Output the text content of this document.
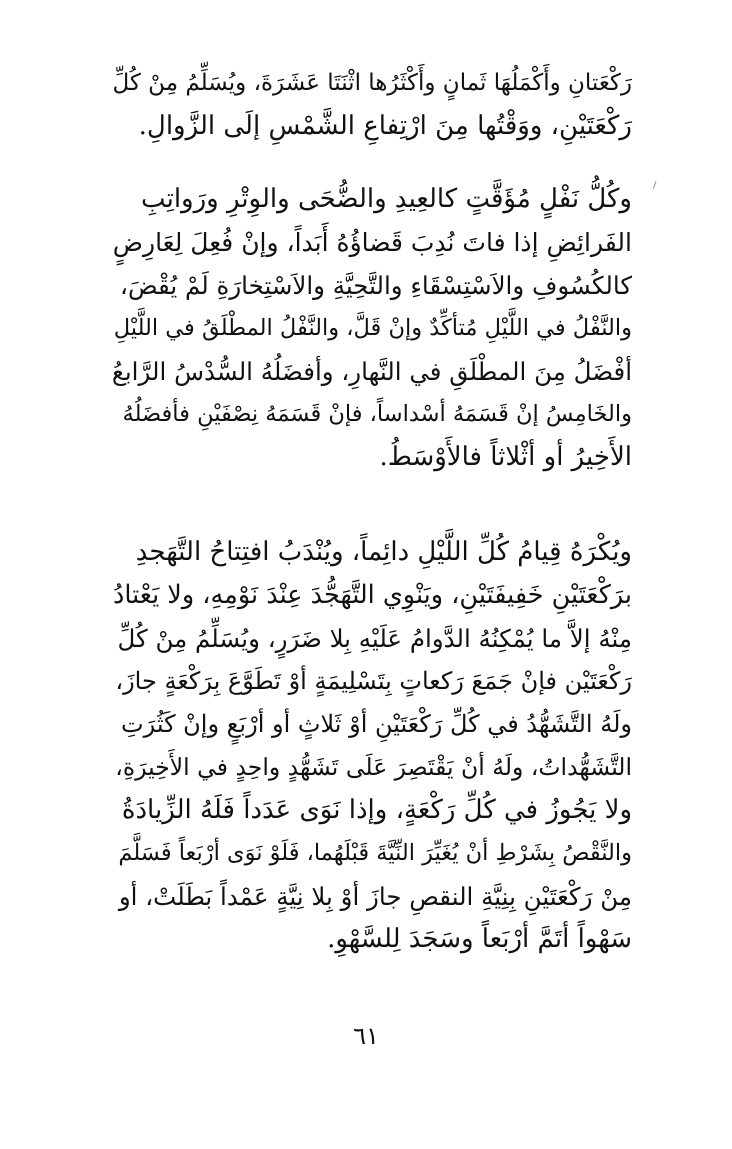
رَكْعَتانِ وأَكْمَلُهَا ثَمانٍ وأَكْثَرُها اثْنَتَا عَشَرَةَ، ويُسَلِّمُ مِنْ كُلِّ
رَكْعَتَيْنِ، ووَقْتُها مِنَ ارْتِفاعِ الشَّمْسِ إلَى الزَّوالِ.
وكُلُّ نَفْلٍ مُؤَقَّتٍ كالعِيدِ والضُّحَى والوِتْرِ ورَواتِبِ
الفَرائِضِ إذا فاتَ نُدِبَ قَضاؤُهُ أَبَداً، وإنْ فُعِلَ لِعَارِضٍ
كالكُسُوفِ والاَسْتِسْقَاءِ والتَّحِيَّةِ والاَسْتِخارَةِ لَمْ يُقْضَ،
والنَّفْلُ في اللَّيْلِ مُتأكِّدٌ وإنْ قَلَّ، والنَّفْلُ المطْلَقُ في اللَّيْلِ
أفْضَلُ مِنَ المطْلَقِ في النَّهارِ، وأفضَلُهُ السُّدْسُ الرَّابعُ
والخَامِسُ إنْ قَسَمَهُ أسْداساً، فإنْ قَسَمَهُ نِصْفَيْنِ فأفضَلُهُ
الأَخِيرُ أو أثْلاثاً فالأَوْسَطُ.
ويُكْرَهُ قِيامُ كُلِّ اللَّيْلِ دائِماً، ويُنْدَبُ افتِتاحُ التَّهَجدِ
برَكْعَتَيْنِ خَفِيفَتَيْنِ، ويَنْوِي التَّهَجُّدَ عِنْدَ نَوْمِهِ، ولا يَعْتادُ
مِنْهُ إلاَّ ما يُمْكِنُهُ الدَّوامُ عَلَيْهِ بِلا ضَرَرٍ، ويُسَلِّمُ مِنْ كُلِّ
رَكْعَتَيْن فإنْ جَمَعَ رَكعاتٍ بِتَسْلِيمَةٍ أوْ تَطَوَّعَ بِرَكْعَةٍ جازَ،
ولَهُ التَّشَهُّدُ في كُلِّ رَكْعَتَيْنِ أوْ ثَلاثٍ أو أرْبَعٍ وإنْ كَثُرَتِ
التَّشَهُّداتُ، ولَهُ أنْ يَقْتَصِرَ عَلَى تَشَهُّدٍ واحِدٍ في الأَخِيرَةِ،
ولا يَجُوزُ في كُلِّ رَكْعَةٍ، وإذا نَوَى عَدَداً فَلَهُ الزِّيادَةُ
والنَّقْصُ بِشَرْطِ أنْ يُغَيِّرَ النِّيَّةَ قَبْلَهُما، فَلَوْ نَوَى أرْبَعاً فَسَلَّمَ
مِنْ رَكْعَتَيْنِ بِنِيَّةِ النقصِ جازَ أوْ بِلا نِيَّةٍ عَمْداً بَطَلَتْ، أو
سَهْواً أتَمَّ أرْبَعاً وسَجَدَ لِلسَّهْوِ.
٦١
